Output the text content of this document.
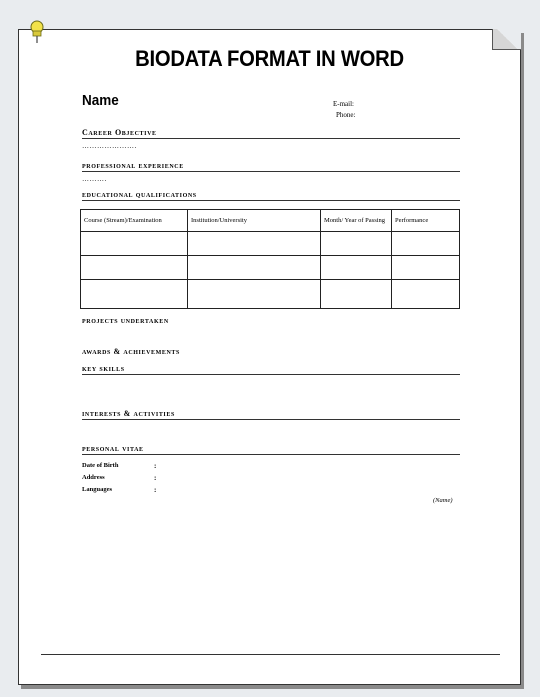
BIODATA FORMAT IN WORD
Name	E-mail:
Phone:
Career Objective
………………….
professional experience
……….
educational qualifications
Course (Stream)/Examination	Institution/University	Month/ Year of Passing	Performance

projects undertaken
awards & achievements
key skills
interests & activities
personal vitae
Date of Birth	:
Address	:
Languages	:
(Name)
